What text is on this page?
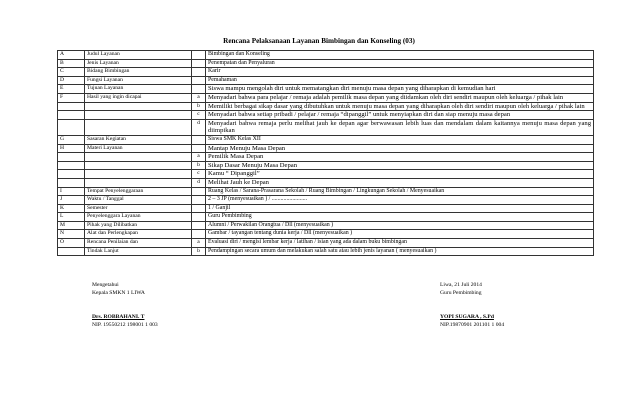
Rencana Pelaksanaan Layanan Bimbingan dan Konseling (03)
A	Judul Layanan		Bimbingan dan Konseling
B	Jenis Layanan		Penempatan dan Penyaluran
C	Bidang Bimbingan		Karir
D	Fungsi Layanan		Pemahaman
E	Tujuan Layanan		Siswa mampu mengolah diri untuk mematangkan diri menuju masa depan yang diharapkan di kemudian hari
F	Hasil yang ingin dicapai	a	Menyadari bahwa para pelajar / remaja adalah pemilik masa depan yang diidamkan oleh diri sendiri maupun oleh keluarga / pihak lain
		b	Memiliki berbagai sikap dasar yang dibutuhkan untuk menuju masa depan yang diharapkan oleh diri sendiri maupun oleh keluarga / pihak lain
		c	Menyadari bahwa setiap pribadi / pelajar / remaja “dipanggil” untuk menyiapkan diri dan siap menuju masa depan
		d	Menyadari bahwa remaja perlu melihat jauh ke depan agar berwawasan lebih luas dan mendalam dalam kaitannya menuju masa depan yang diimpikan
G	Sasaran Kegiatan		Siswa SMK Kelas XII
H	Materi Layanan		Mantap Menuju Masa Depan
		a	Pemilik Masa Depan
		b	Sikap Dasar Menuju Masa Depan
		c	Kamu “ Dipanggil”
		d	Melihat Jauh ke Depan
I	Tempat Penyelenggaraan		Ruang Kelas / Sarana-Prasarana Sekolah / Ruang Bimbingan / Lingkungan Sekolah / Menyesuaikan
J	Waktu / Tanggal		2 – 3 JP (menyesuaikan ) / ........................
K	Semester		1 / Ganjil
L	Penyelenggara Layanan		Guru Pembimbing
M	Pihak yang Dilibatkan		Alumni / Perwakilan Orangtua / Dll (menyesuaikan )
N	Alat dan Perlengkapan		Gambar / tayangan tentang dunia kerja / Dll (menyesuaikan )
O	Rencana Penilaian dan	a	Evaluasi diri / mengisi lembar kerja / latihan / isian yang ada dalam buku bimbingan
	Tindak Lanjut	b	Pendampingan secara umum dan melakukan salah satu atau lebih jenis layanan ( menyesuaikan )
Mengetahui
Kepala SMKN 1 LIWA
Drs. ROBBAHANI. T
NIP. 19550212 198001 1 003
Liwa, 21 Juli 2014
Guru Pembimbing
YOPI SUGARA , S.Pd
NIP.19870901 201101 1 004
